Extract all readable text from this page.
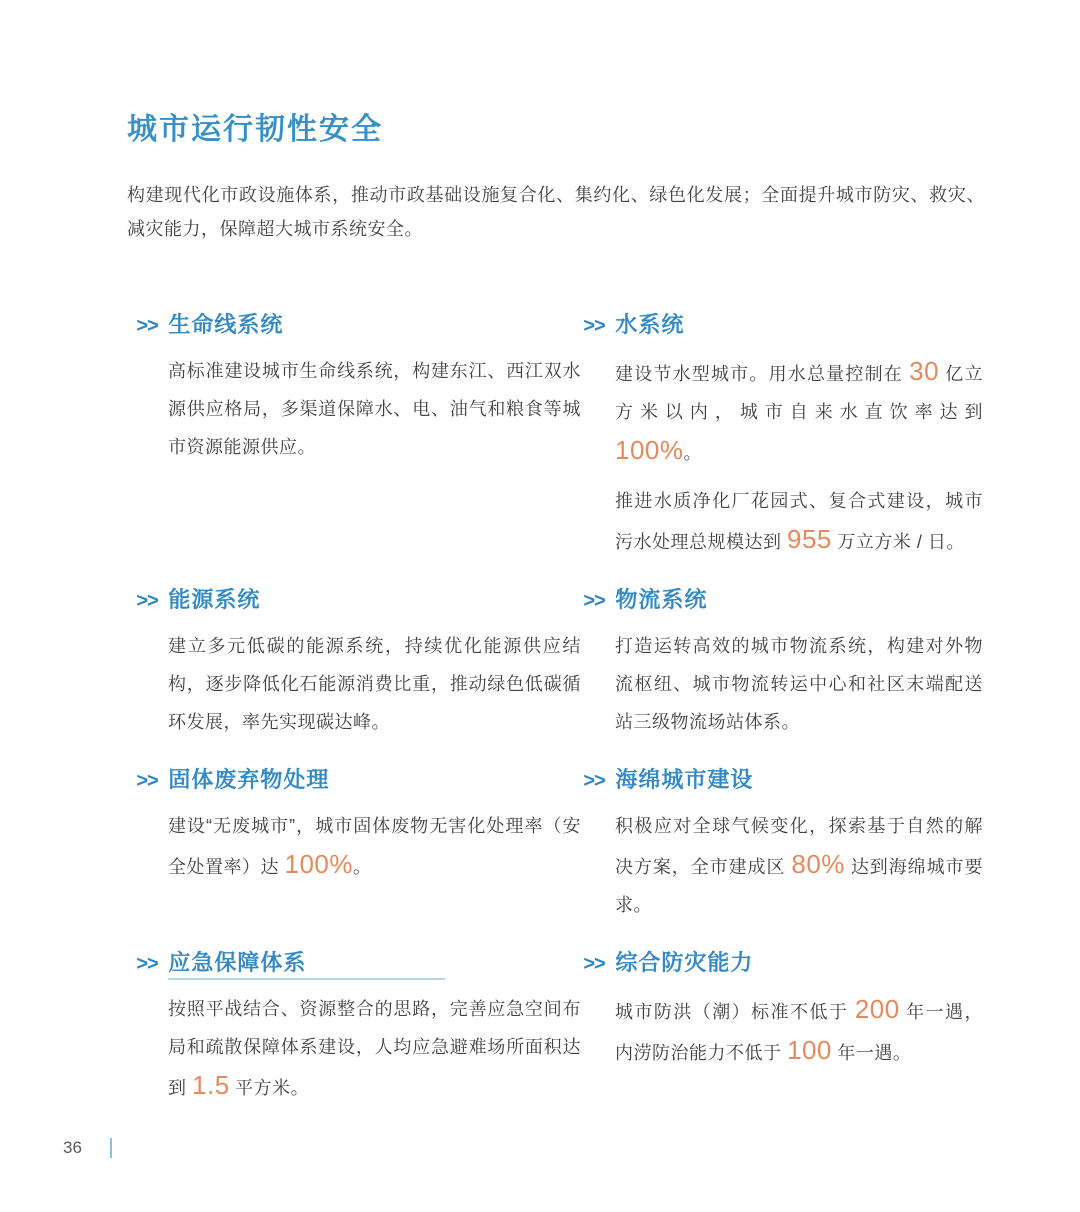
城市运行韧性安全

构建现代化市政设施体系，推动市政基础设施复合化、集约化、绿色化发展；全面提升城市防灾、救灾、减灾能力，保障超大城市系统安全。

>> 生命线系统

高标准建设城市生命线系统，构建东江、西江双水源供应格局，多渠道保障水、电、油气和粮食等城市资源能源供应。

>> 水系统

建设节水型城市。用水总量控制在 30 亿立方米以内，城市自来水直饮率达到 100%。

推进水质净化厂花园式、复合式建设，城市污水处理总规模达到 955 万立方米 / 日。

>> 能源系统

建立多元低碳的能源系统，持续优化能源供应结构，逐步降低化石能源消费比重，推动绿色低碳循环发展，率先实现碳达峰。

>> 物流系统

打造运转高效的城市物流系统，构建对外物流枢纽、城市物流转运中心和社区末端配送站三级物流场站体系。

>> 固体废弃物处理

建设“无废城市”，城市固体废物无害化处理率（安全处置率）达 100%。

>> 海绵城市建设

积极应对全球气候变化，探索基于自然的解决方案，全市建成区 80% 达到海绵城市要求。

>> 应急保障体系

按照平战结合、资源整合的思路，完善应急空间布局和疏散保障体系建设，人均应急避难场所面积达到 1.5 平方米。

>> 综合防灾能力

城市防洪（潮）标准不低于 200 年一遇，内涝防治能力不低于 100 年一遇。

36
